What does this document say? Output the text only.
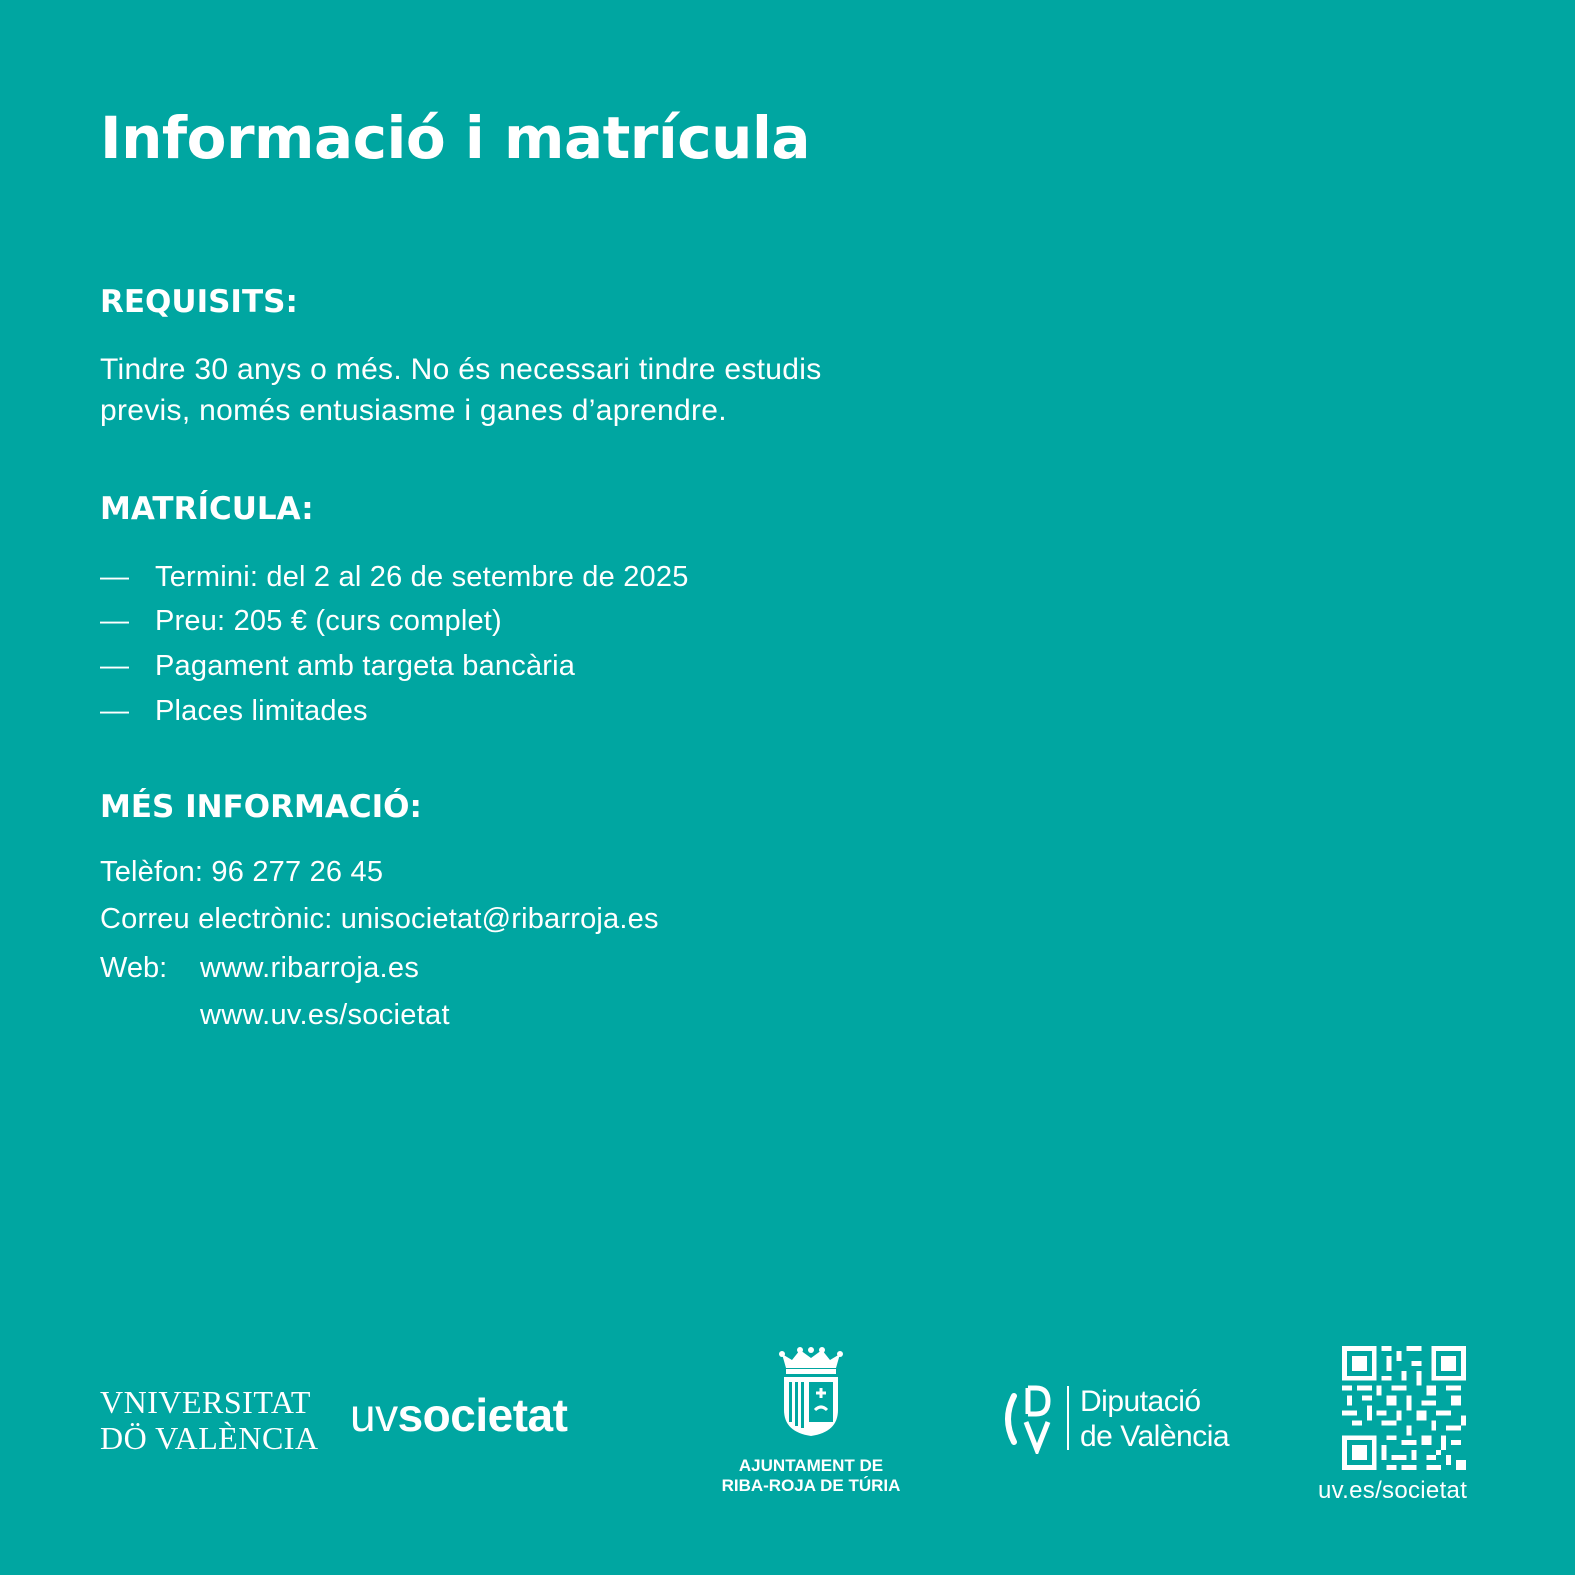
Informació i matrícula
REQUISITS:

Tindre 30 anys o més. No és necessari tindre estudis
previs, només entusiasme i ganes d’aprendre.

MATRÍCULA:
— Termini: del 2 al 26 de setembre de 2025
— Preu: 205 € (curs complet)
— Pagament amb targeta bancària
— Places limitades
MÉS INFORMACIÓ:

Telèfon: 96 277 26 45

Correu electrònic: unisocietat@ribarroja.es

Web: www.ribarroja.es
www.uv.es/societat
VNIVERSITAT
DÖ VALÈNCIA uvsocietat
AJUNTAMENT DE
RIBA-ROJA DE TÚRIA
Diputació
de València
uv.es/societat
